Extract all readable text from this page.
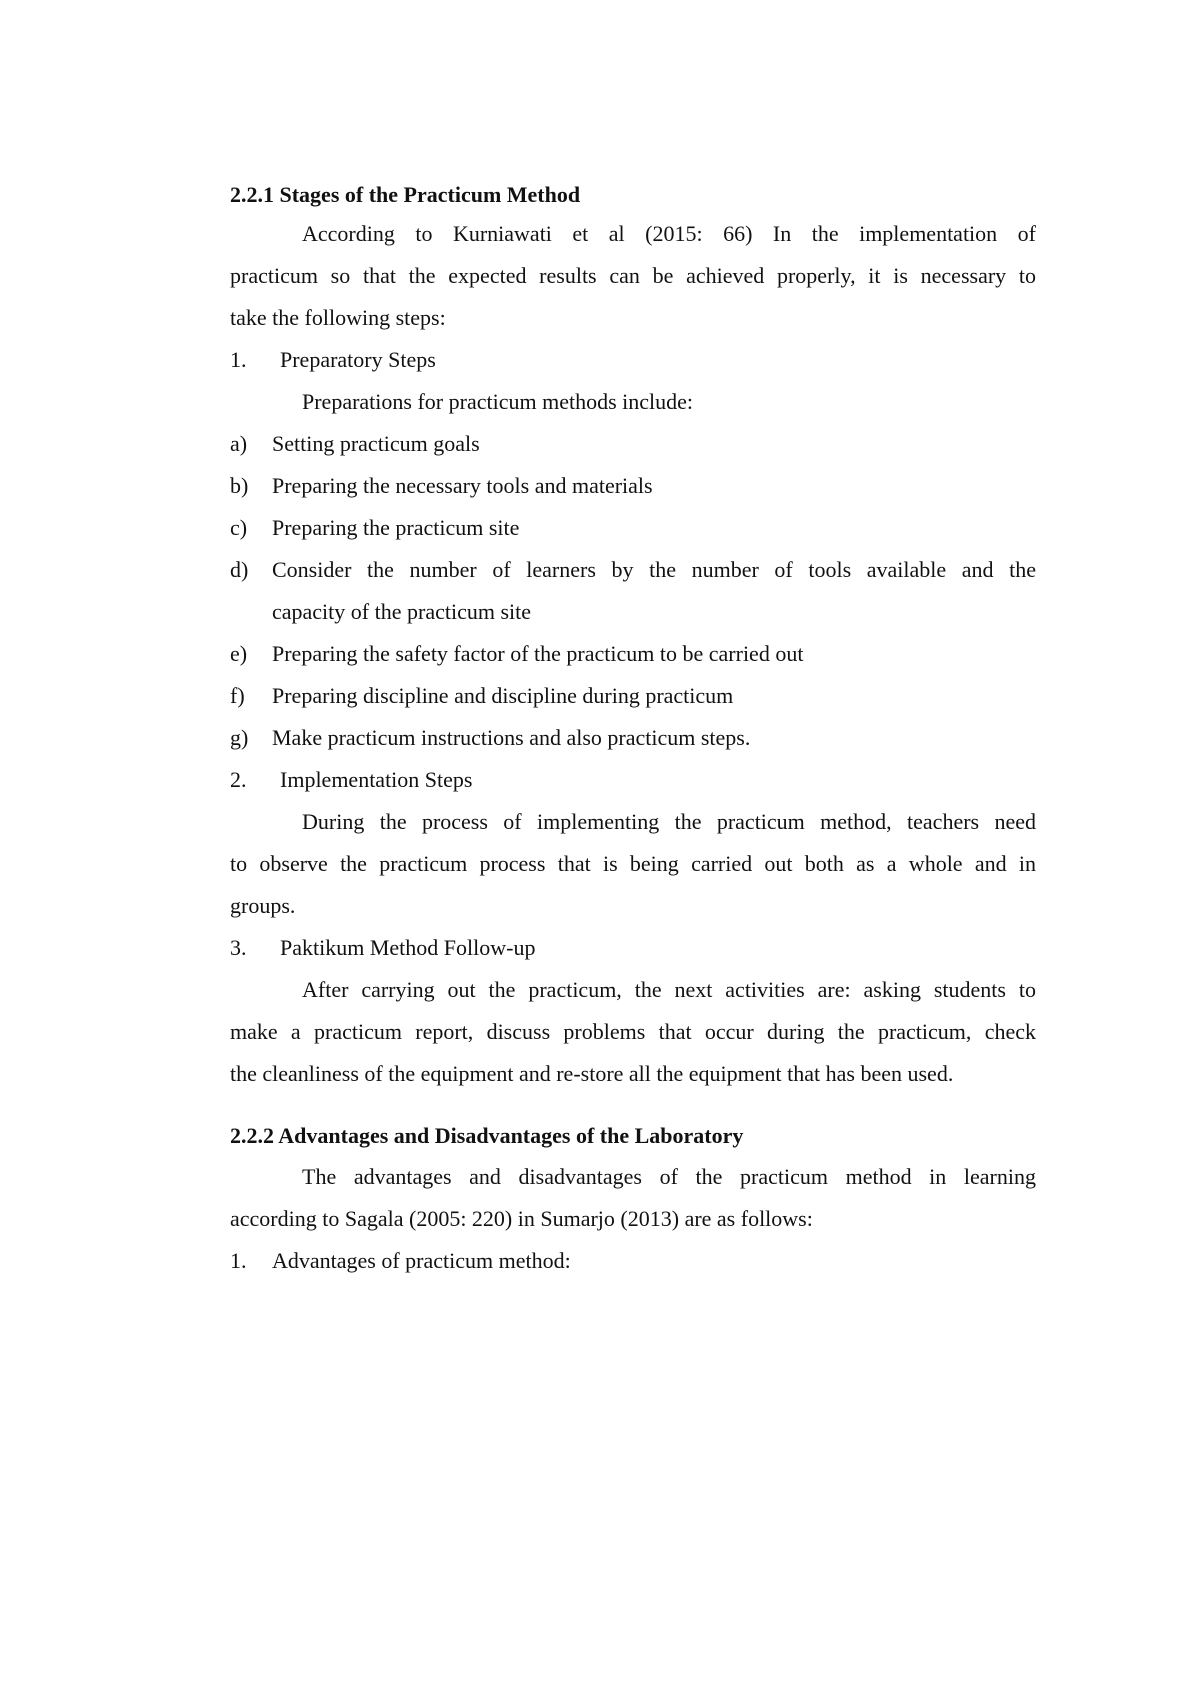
2.2.1 Stages of the Practicum Method
According to Kurniawati et al (2015: 66) In the implementation of
practicum so that the expected results can be achieved properly, it is necessary to
take the following steps:
1. Preparatory Steps
Preparations for practicum methods include:
a) Setting practicum goals
b) Preparing the necessary tools and materials
c) Preparing the practicum site
d) Consider the number of learners by the number of tools available and the
capacity of the practicum site
e) Preparing the safety factor of the practicum to be carried out
f) Preparing discipline and discipline during practicum
g) Make practicum instructions and also practicum steps.
2. Implementation Steps
During the process of implementing the practicum method, teachers need
to observe the practicum process that is being carried out both as a whole and in
groups.
3. Paktikum Method Follow-up
After carrying out the practicum, the next activities are: asking students to
make a practicum report, discuss problems that occur during the practicum, check
the cleanliness of the equipment and re-store all the equipment that has been used.
2.2.2 Advantages and Disadvantages of the Laboratory
The advantages and disadvantages of the practicum method in learning
according to Sagala (2005: 220) in Sumarjo (2013) are as follows:
1. Advantages of practicum method:
